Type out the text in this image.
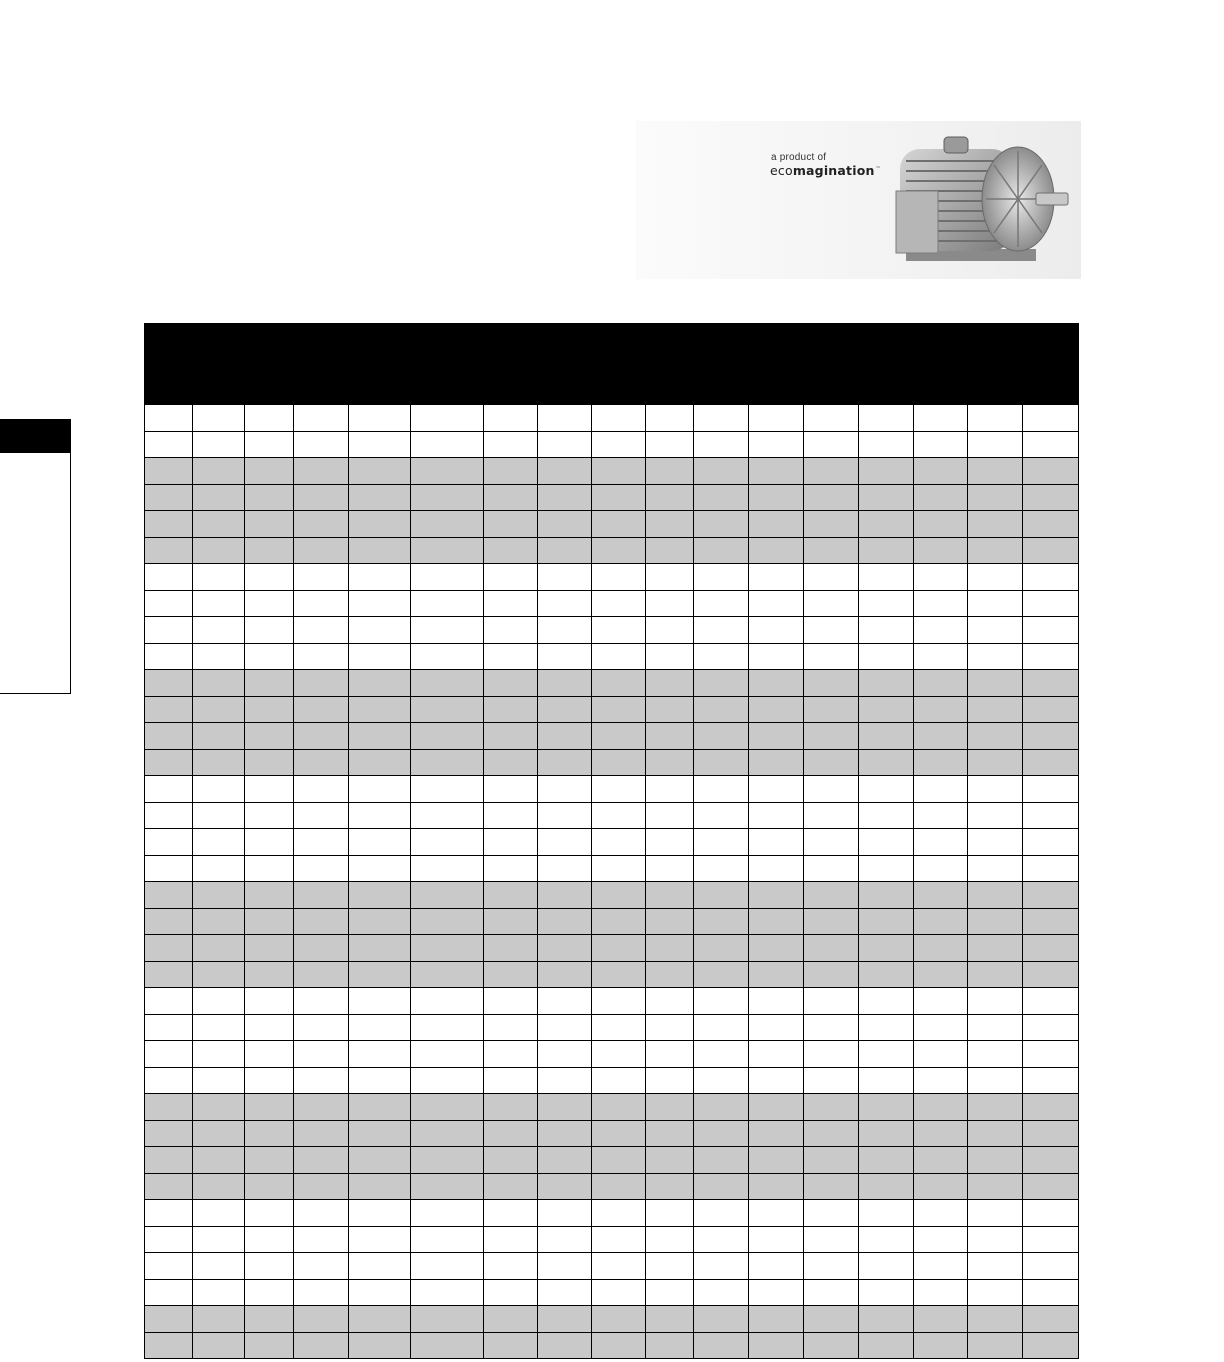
a product of
ecomagination™
